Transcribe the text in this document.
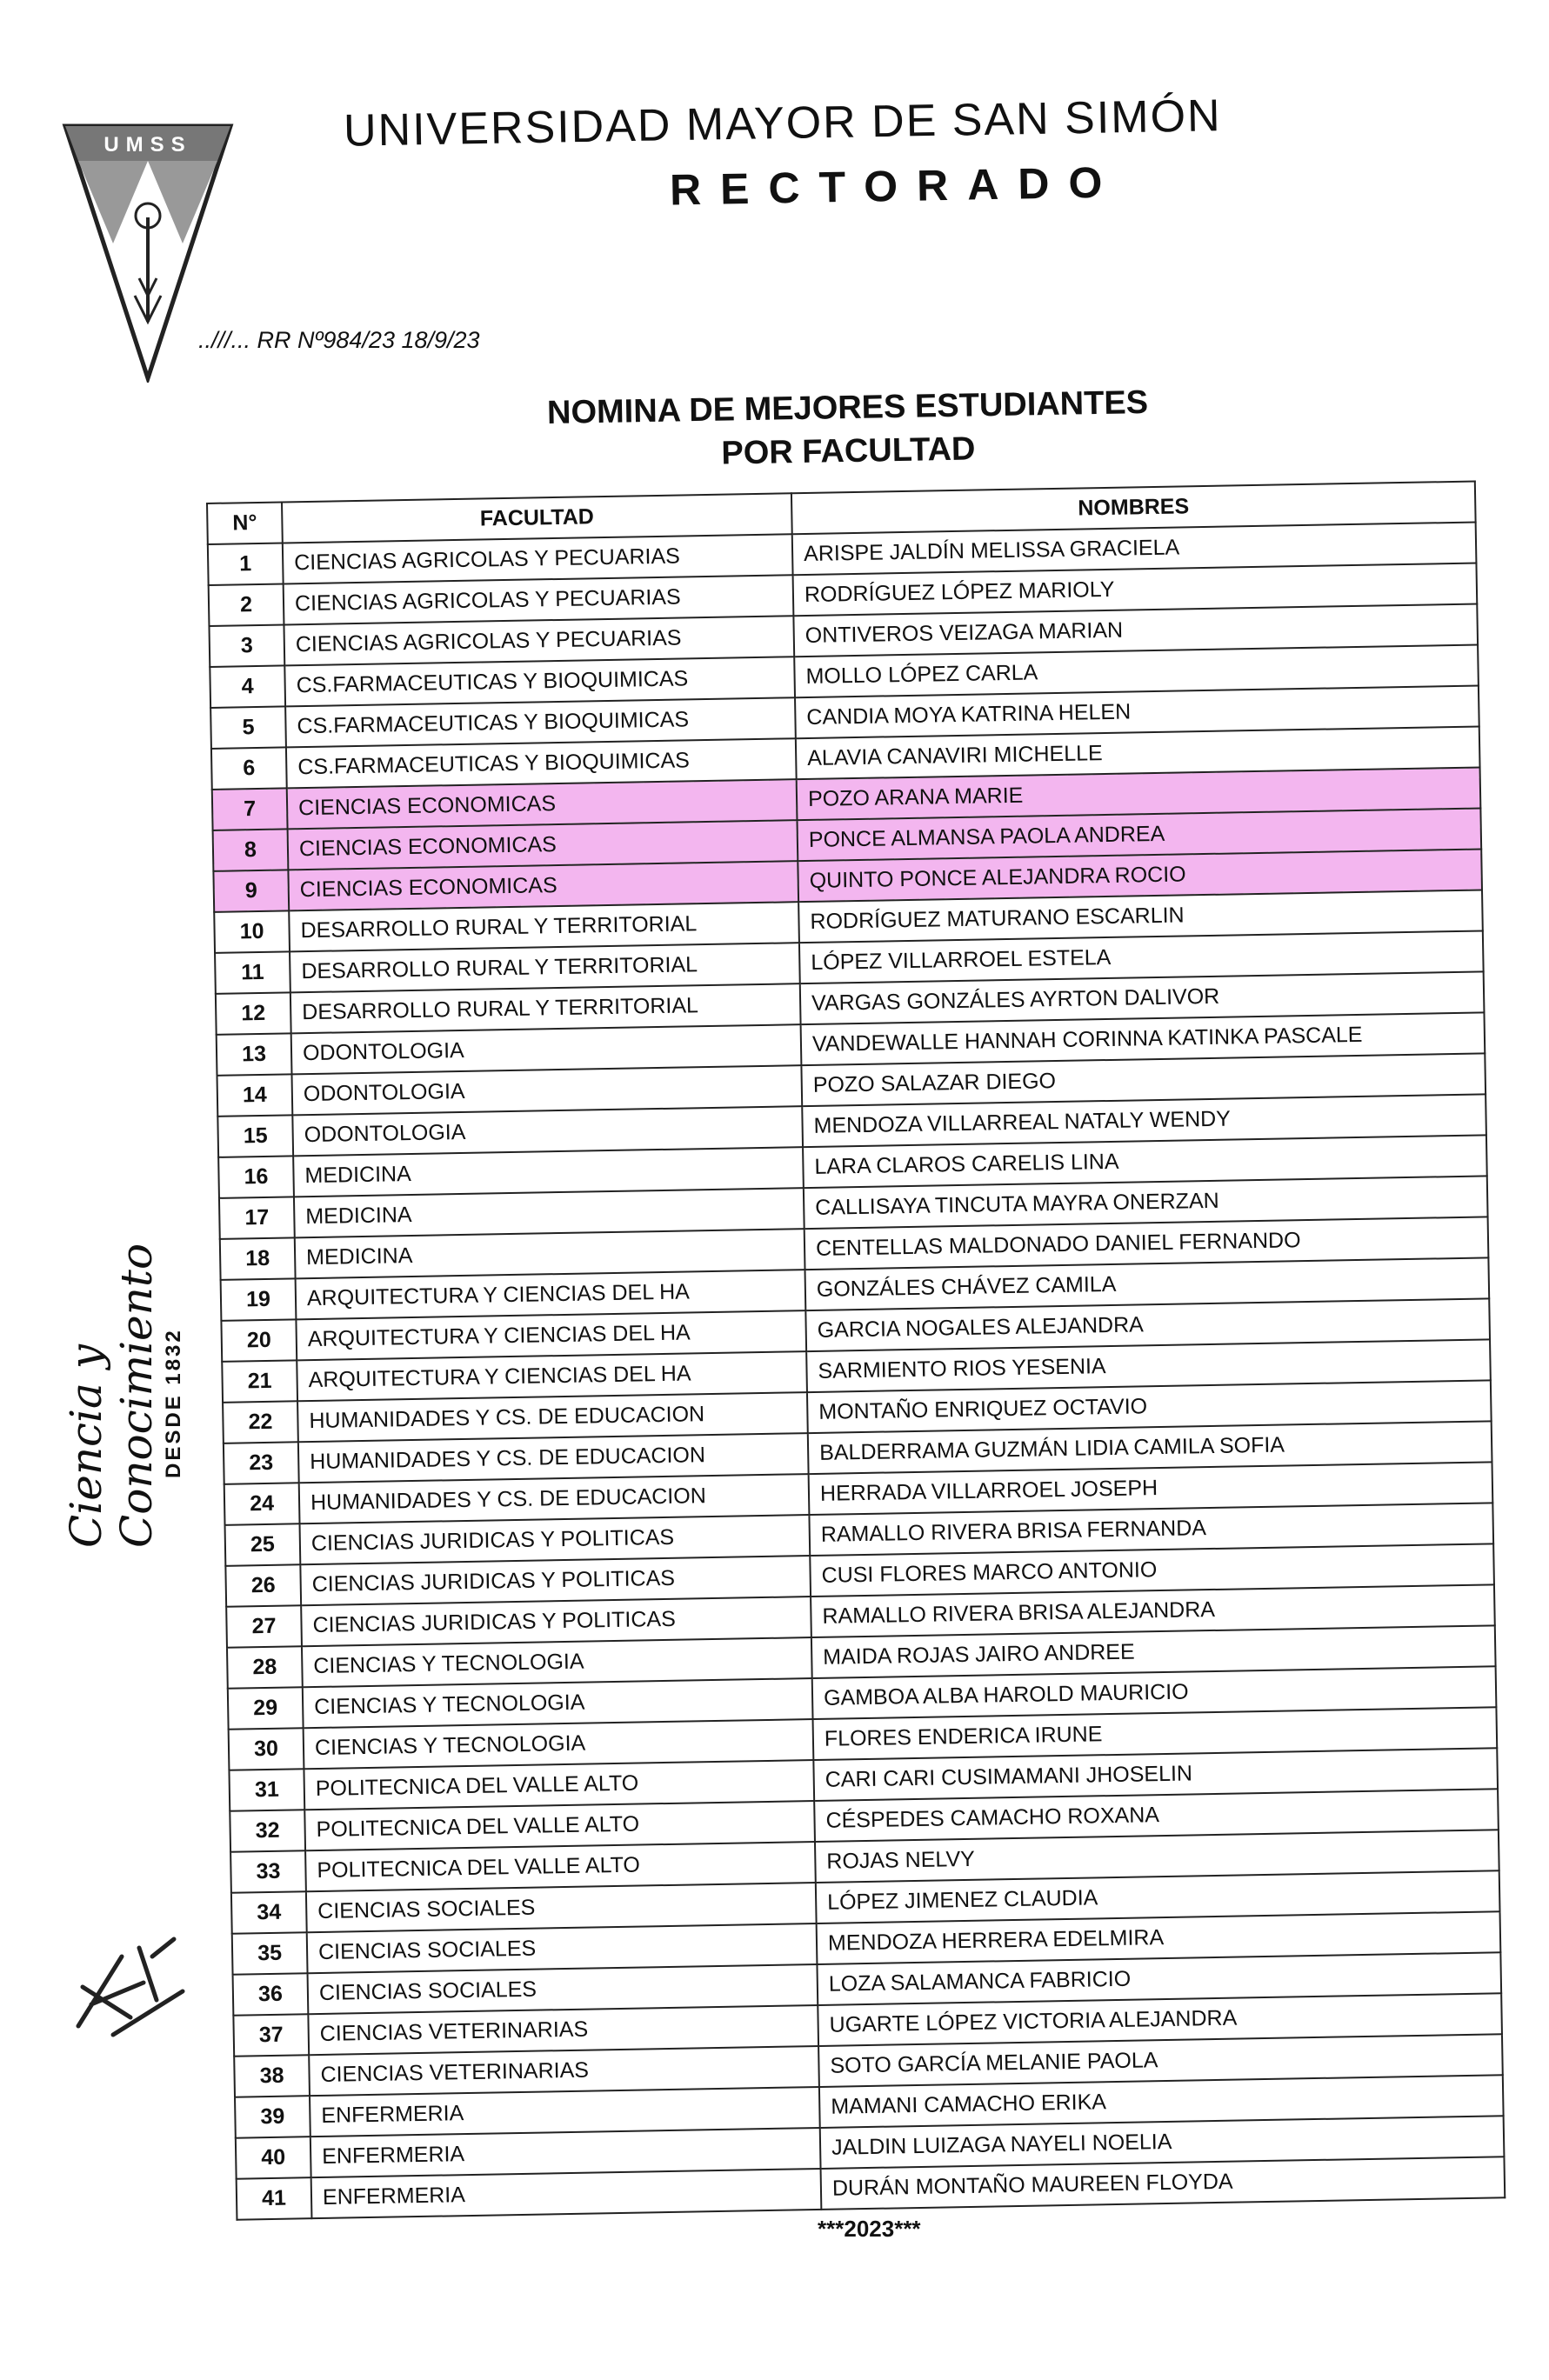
UMSS	UNIVERSIDAD MAYOR DE SAN SIMÓN
RECTORADO
..///... RR Nº984/23 18/9/23
NOMINA DE MEJORES ESTUDIANTES
POR FACULTAD
Ciencia y Conocimiento DESDE 1832
N°	FACULTAD	NOMBRES
1	CIENCIAS AGRICOLAS Y PECUARIAS	ARISPE JALDÍN MELISSA GRACIELA
2	CIENCIAS AGRICOLAS Y PECUARIAS	RODRÍGUEZ LÓPEZ MARIOLY
3	CIENCIAS AGRICOLAS Y PECUARIAS	ONTIVEROS VEIZAGA MARIAN
4	CS.FARMACEUTICAS Y BIOQUIMICAS	MOLLO LÓPEZ CARLA
5	CS.FARMACEUTICAS Y BIOQUIMICAS	CANDIA MOYA KATRINA HELEN
6	CS.FARMACEUTICAS Y BIOQUIMICAS	ALAVIA CANAVIRI MICHELLE
7	CIENCIAS ECONOMICAS	POZO ARANA MARIE
8	CIENCIAS ECONOMICAS	PONCE ALMANSA PAOLA ANDREA
9	CIENCIAS ECONOMICAS	QUINTO PONCE ALEJANDRA ROCIO
10	DESARROLLO RURAL Y TERRITORIAL	RODRÍGUEZ MATURANO ESCARLIN
11	DESARROLLO RURAL Y TERRITORIAL	LÓPEZ VILLARROEL ESTELA
12	DESARROLLO RURAL Y TERRITORIAL	VARGAS GONZÁLES AYRTON DALIVOR
13	ODONTOLOGIA	VANDEWALLE HANNAH CORINNA KATINKA PASCALE
14	ODONTOLOGIA	POZO SALAZAR DIEGO
15	ODONTOLOGIA	MENDOZA VILLARREAL NATALY WENDY
16	MEDICINA	LARA CLAROS CARELIS LINA
17	MEDICINA	CALLISAYA TINCUTA MAYRA ONERZAN
18	MEDICINA	CENTELLAS MALDONADO DANIEL FERNANDO
19	ARQUITECTURA Y CIENCIAS DEL HA	GONZÁLES CHÁVEZ CAMILA
20	ARQUITECTURA Y CIENCIAS DEL HA	GARCIA NOGALES ALEJANDRA
21	ARQUITECTURA Y CIENCIAS DEL HA	SARMIENTO RIOS YESENIA
22	HUMANIDADES Y CS. DE EDUCACION	MONTAÑO ENRIQUEZ OCTAVIO
23	HUMANIDADES Y CS. DE EDUCACION	BALDERRAMA GUZMÁN LIDIA CAMILA SOFIA
24	HUMANIDADES Y CS. DE EDUCACION	HERRADA VILLARROEL JOSEPH
25	CIENCIAS JURIDICAS Y POLITICAS	RAMALLO RIVERA BRISA FERNANDA
26	CIENCIAS JURIDICAS Y POLITICAS	CUSI FLORES MARCO ANTONIO
27	CIENCIAS JURIDICAS Y POLITICAS	RAMALLO RIVERA BRISA ALEJANDRA
28	CIENCIAS Y TECNOLOGIA	MAIDA ROJAS JAIRO ANDREE
29	CIENCIAS Y TECNOLOGIA	GAMBOA ALBA HAROLD MAURICIO
30	CIENCIAS Y TECNOLOGIA	FLORES ENDERICA IRUNE
31	POLITECNICA DEL VALLE ALTO	CARI CARI CUSIMAMANI JHOSELIN
32	POLITECNICA DEL VALLE ALTO	CÉSPEDES CAMACHO ROXANA
33	POLITECNICA DEL VALLE ALTO	ROJAS NELVY
34	CIENCIAS SOCIALES	LÓPEZ JIMENEZ CLAUDIA
35	CIENCIAS SOCIALES	MENDOZA HERRERA EDELMIRA
36	CIENCIAS SOCIALES	LOZA SALAMANCA FABRICIO
37	CIENCIAS VETERINARIAS	UGARTE LÓPEZ VICTORIA ALEJANDRA
38	CIENCIAS VETERINARIAS	SOTO GARCÍA MELANIE PAOLA
39	ENFERMERIA	MAMANI CAMACHO ERIKA
40	ENFERMERIA	JALDIN LUIZAGA NAYELI NOELIA
41	ENFERMERIA	DURÁN MONTAÑO MAUREEN FLOYDA
***2023***
